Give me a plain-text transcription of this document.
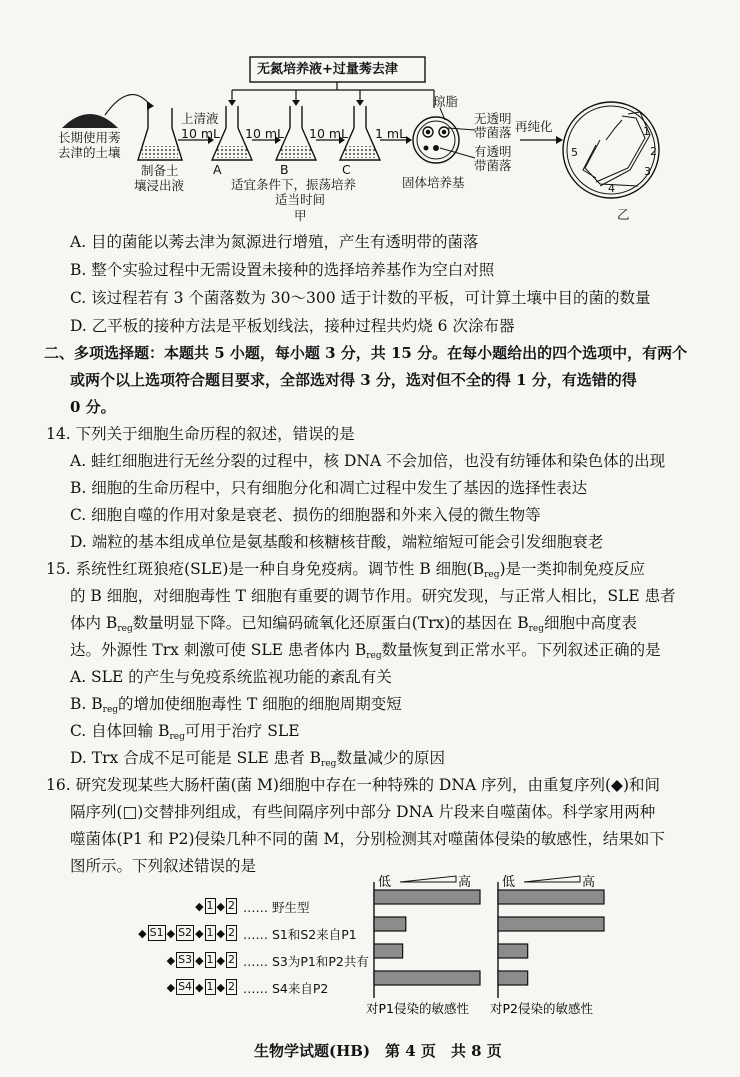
无氮培养液+过量莠去津
长期使用莠
去津的土壤
上清液
10 mL 10 mL 10 mL 1 mL
制备土
壤浸出液
A	B	C
适宜条件下，振荡培养
适当时间
甲
琼脂
无透明
带菌落
有透明
带菌落
再纯化
固体培养基
乙
1
2
3
4
5
A. 目的菌能以莠去津为氮源进行增殖，产生有透明带的菌落
B. 整个实验过程中无需设置未接种的选择培养基作为空白对照
C. 该过程若有 3 个菌落数为 30～300 适于计数的平板，可计算土壤中目的菌的数量
D. 乙平板的接种方法是平板划线法，接种过程共灼烧 6 次涂布器
二、多项选择题：本题共 5 小题，每小题 3 分，共 15 分。在每小题给出的四个选项中，有两个
或两个以上选项符合题目要求，全部选对得 3 分，选对但不全的得 1 分，有选错的得
0 分。
14. 下列关于细胞生命历程的叙述，错误的是
A. 蛙红细胞进行无丝分裂的过程中，核 DNA 不会加倍，也没有纺锤体和染色体的出现
B. 细胞的生命历程中，只有细胞分化和凋亡过程中发生了基因的选择性表达
C. 细胞自噬的作用对象是衰老、损伤的细胞器和外来入侵的微生物等
D. 端粒的基本组成单位是氨基酸和核糖核苷酸，端粒缩短可能会引发细胞衰老
15. 系统性红斑狼疮(SLE)是一种自身免疫病。调节性 B 细胞$(B_{reg})$是一类抑制免疫反应
的 B 细胞，对细胞毒性 T 细胞有重要的调节作用。研究发现，与正常人相比，SLE 患者
体内 $B_{reg}$数量明显下降。已知编码硫氧化还原蛋白(Trx)的基因在 $B_{reg}$细胞中高度表
达。外源性 Trx 刺激可使 SLE 患者体内 $B_{reg}$数量恢复到正常水平。下列叙述正确的是
A. SLE 的产生与免疫系统监视功能的紊乱有关
B. $B_{reg}$的增加使细胞毒性 T 细胞的细胞周期变短
C. 自体回输 $B_{reg}$可用于治疗 SLE
D. Trx 合成不足可能是 SLE 患者 $B_{reg}$数量减少的原因
16. 研究发现某些大肠杆菌(菌 M)细胞中存在一种特殊的 DNA 序列，由重复序列(◆)和间
隔序列(□)交替排列组成，有些间隔序列中部分 DNA 片段来自噬菌体。科学家用两种
噬菌体(P1 和 P2)侵染几种不同的菌 M，分别检测其对噬菌体侵染的敏感性，结果如下
图所示。下列叙述错误的是
◆ 1 ◆ 2 …… 野生型
◆ S1 ◆ S2 ◆ 1 ◆ 2 …… S1和S2来自P1
◆ S3 ◆ 1 ◆ 2 …… S3为P1和P2共有
◆ S4 ◆ 1 ◆ 2 …… S4来自P2
低	高
对P1侵染的敏感性
低	高
对P2侵染的敏感性
生物学试题(HB)　第 4 页　共 8 页
